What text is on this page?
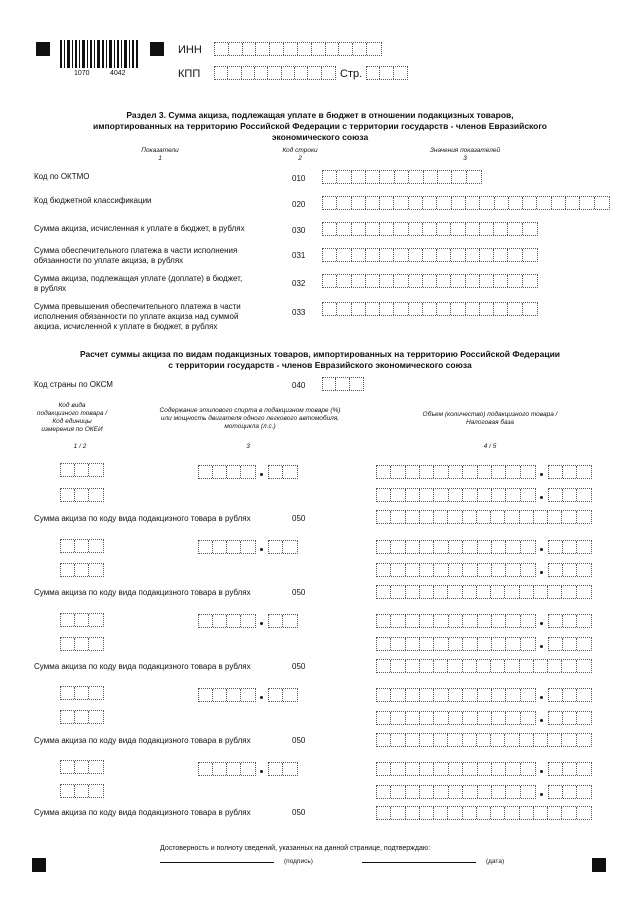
1070	4042
ИНН
КПП	Стр.
Раздел 3. Сумма акциза, подлежащая уплате в бюджет в отношении подакцизных товаров,
импортированных на территорию Российской Федерации с территории государств - членов Евразийского
экономического союза
Показатели
1
Код строки
2
Значения показателей
3
Код по ОКТМО	010
Код бюджетной классификации	020
Сумма акциза, исчисленная к уплате в бюджет, в рублях	030
Сумма обеспечительного платежа в части исполнения
обязанности по уплате акциза, в рублях
031
Сумма акциза, подлежащая уплате (доплате) в бюджет,
в рублях
032
Сумма превышения обеспечительного платежа в части
исполнения обязанности по уплате акциза над суммой
акциза, исчисленной к уплате в бюджет, в рублях
033
Расчет суммы акциза по видам подакцизных товаров, импортированных на территорию Российской Федерации
с территории государств - членов Евразийского экономического союза
Код страны по ОКСМ	040
Код вида
подакцизного товара /
Код единицы
измерения по ОКЕИ
Содержание этилового спирта в подакцизном товаре (%)
или мощность двигателя одного легкового автомобиля,
мотоцикла (л.с.)
Объем (количество) подакцизного товара /
Налоговая база
1 / 2	3	4 / 5
Сумма акциза по коду вида подакцизного товара в рублях	050
Сумма акциза по коду вида подакцизного товара в рублях	050
Сумма акциза по коду вида подакцизного товара в рублях	050
Сумма акциза по коду вида подакцизного товара в рублях	050
Сумма акциза по коду вида подакцизного товара в рублях	050
Достоверность и полноту сведений, указанных на данной странице, подтверждаю:
(подпись)	(дата)
